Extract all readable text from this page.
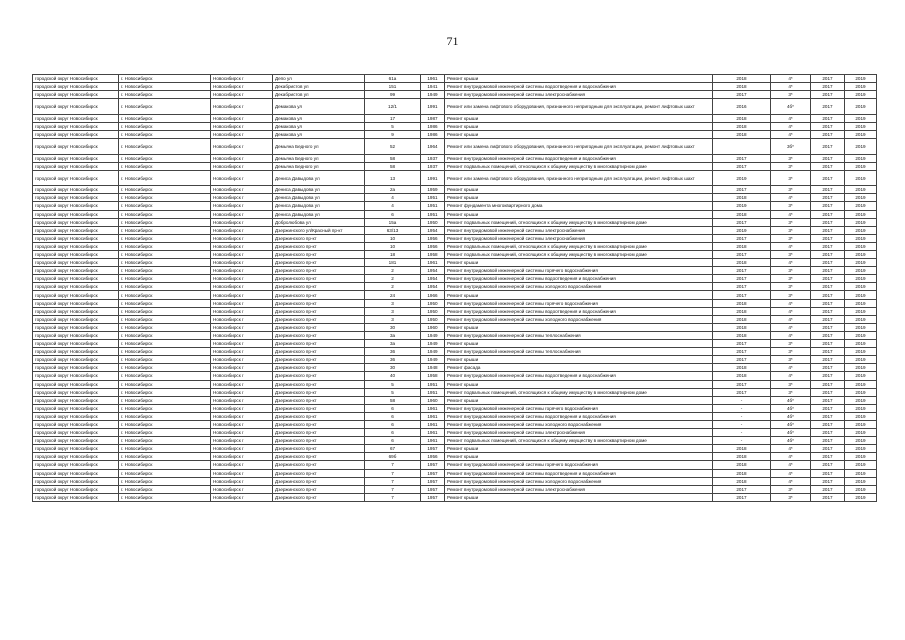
71
городской округ Новосибирск	г. Новосибирск	Новосибирск г	Депо ул	61а	1961	Ремонт крыши	2018	4*	2017	2019
городской округ Новосибирск	г. Новосибирск	Новосибирск г	Декабристов ул	151	1941	Ремонт внутридомовой инженерной системы водоотведения и водоснабжения	2018	4*	2017	2019
городской округ Новосибирск	г. Новосибирск	Новосибирск г	Декабристов ул	99	1949	Ремонт внутридомовой инженерной системы электроснабжения	2017	3*	2017	2019
городской округ Новосибирск	г. Новосибирск	Новосибирск г	Демакова ул	12/1	1991	Ремонт или замена лифтового оборудования, признанного непригодным для эксплуатации, ремонт лифтовых шахт	2016	4б*	2017	2019
городской округ Новосибирск	г. Новосибирск	Новосибирск г	Демакова ул	17	1987	Ремонт крыши	2018	4*	2017	2019
городской округ Новосибирск	г. Новосибирск	Новосибирск г	Демакова ул	5	1986	Ремонт крыши	2018	4*	2017	2019
городской округ Новосибирск	г. Новосибирск	Новосибирск г	Демакова ул	9	1986	Ремонт крыши	2018	4*	2017	2019
городской округ Новосибирск	г. Новосибирск	Новосибирск г	Демьяна Бедного ул	52	1964	Ремонт или замена лифтового оборудования, признанного непригодным для эксплуатации, ремонт лифтовых шахт		3б*	2017	2019
городской округ Новосибирск	г. Новосибирск	Новосибирск г	Демьяна Бедного ул	58	1937	Ремонт внутридомовой инженерной системы водоотведения и водоснабжения	2017	3*	2017	2019
городской округ Новосибирск	г. Новосибирск	Новосибирск г	Демьяна Бедного ул	58	1937	Ремонт подвальных помещений, относящихся к общему имуществу в многоквартирном доме	2017	3*	2017	2019
городской округ Новосибирск	г. Новосибирск	Новосибирск г	Дениса Давыдова ул	13	1991	Ремонт или замена лифтового оборудования, признанного непригодным для эксплуатации, ремонт лифтовых шахт	2019	3*	2017	2019
городской округ Новосибирск	г. Новосибирск	Новосибирск г	Дениса Давыдова ул	2а	1959	Ремонт крыши	2017	3*	2017	2019
городской округ Новосибирск	г. Новосибирск	Новосибирск г	Дениса Давыдова ул	4	1951	Ремонт крыши	2018	4*	2017	2019
городской округ Новосибирск	г. Новосибирск	Новосибирск г	Дениса Давыдова ул	4	1951	Ремонт фундамента многоквартирного дома	2019	3*	2017	2019
городской округ Новосибирск	г. Новосибирск	Новосибирск г	Дениса Давыдова ул	6	1951	Ремонт крыши	2018	4*	2017	2019
городской округ Новосибирск	г. Новосибирск	Новосибирск г	Добролюбова ул	15а	1950	Ремонт подвальных помещений, относящихся к общему имуществу в многоквартирном доме	2017	3*	2017	2019
городской округ Новосибирск	г. Новосибирск	Новосибирск г	Дзержинского ул/Красный пр-кт	63/13	1954	Ремонт внутридомовой инженерной системы электроснабжения	2019	3*	2017	2019
городской округ Новосибирск	г. Новосибирск	Новосибирск г	Дзержинского пр-кт	10	1956	Ремонт внутридомовой инженерной системы электроснабжения	2017	3*	2017	2019
городской округ Новосибирск	г. Новосибирск	Новосибирск г	Дзержинского пр-кт	10	1956	Ремонт подвальных помещений, относящихся к общему имуществу в многоквартирном доме	2018	4*	2017	2019
городской округ Новосибирск	г. Новосибирск	Новосибирск г	Дзержинского пр-кт	18	1958	Ремонт подвальных помещений, относящихся к общему имуществу в многоквартирном доме	2017	3*	2017	2019
городской округ Новосибирск	г. Новосибирск	Новосибирск г	Дзержинского пр-кт	181	1961	Ремонт крыши	2018	4*	2017	2019
городской округ Новосибирск	г. Новосибирск	Новосибирск г	Дзержинского пр-кт	2	1954	Ремонт внутридомовой инженерной системы горячего водоснабжения	2017	3*	2017	2019
городской округ Новосибирск	г. Новосибирск	Новосибирск г	Дзержинского пр-кт	2	1954	Ремонт внутридомовой инженерной системы водоотведения и водоснабжения	2017	3*	2017	2019
городской округ Новосибирск	г. Новосибирск	Новосибирск г	Дзержинского пр-кт	2	1954	Ремонт внутридомовой инженерной системы холодного водоснабжения	2017	3*	2017	2019
городской округ Новосибирск	г. Новосибирск	Новосибирск г	Дзержинского пр-кт	24	1966	Ремонт крыши	2017	3*	2017	2019
городской округ Новосибирск	г. Новосибирск	Новосибирск г	Дзержинского пр-кт	3	1950	Ремонт внутридомовой инженерной системы горячего водоснабжения	2018	4*	2017	2019
городской округ Новосибирск	г. Новосибирск	Новосибирск г	Дзержинского пр-кт	3	1950	Ремонт внутридомовой инженерной системы водоотведения и водоснабжения	2018	4*	2017	2019
городской округ Новосибирск	г. Новосибирск	Новосибирск г	Дзержинского пр-кт	3	1950	Ремонт внутридомовой инженерной системы холодного водоснабжения	2018	4*	2017	2019
городской округ Новосибирск	г. Новосибирск	Новосибирск г	Дзержинского пр-кт	30	1960	Ремонт крыши	2018	4*	2017	2019
городской округ Новосибирск	г. Новосибирск	Новосибирск г	Дзержинского пр-кт	3а	1949	Ремонт внутридомовой инженерной системы теплоснабжения	2018	4*	2017	2019
городской округ Новосибирск	г. Новосибирск	Новосибирск г	Дзержинского пр-кт	3а	1949	Ремонт крыши	2017	3*	2017	2019
городской округ Новосибирск	г. Новосибирск	Новосибирск г	Дзержинского пр-кт	36	1949	Ремонт внутридомовой инженерной системы теплоснабжения	2017	3*	2017	2019
городской округ Новосибирск	г. Новосибирск	Новосибирск г	Дзержинского пр-кт	36	1949	Ремонт крыши	2017	3*	2017	2019
городской округ Новосибирск	г. Новосибирск	Новосибирск г	Дзержинского пр-кт	30	1948	Ремонт фасада	2018	4*	2017	2019
городской округ Новосибирск	г. Новосибирск	Новосибирск г	Дзержинского пр-кт	40	1958	Ремонт внутридомовой инженерной системы водоотведения и водоснабжения	2018	4*	2017	2019
городской округ Новосибирск	г. Новосибирск	Новосибирск г	Дзержинского пр-кт	5	1951	Ремонт крыши	2017	3*	2017	2019
городской округ Новосибирск	г. Новосибирск	Новосибирск г	Дзержинского пр-кт	5	1951	Ремонт подвальных помещений, относящихся к общему имуществу в многоквартирном доме	2017	3*	2017	2019
городской округ Новосибирск	г. Новосибирск	Новосибирск г	Дзержинского пр-кт	58	1960	Ремонт крыши	-	4б*	2017	2019
городской округ Новосибирск	г. Новосибирск	Новосибирск г	Дзержинского пр-кт	6	1961	Ремонт внутридомовой инженерной системы горячего водоснабжения	-	4б*	2017	2019
городской округ Новосибирск	г. Новосибирск	Новосибирск г	Дзержинского пр-кт	6	1961	Ремонт внутридомовой инженерной системы водоотведения и водоснабжения	-	4б*	2017	2019
городской округ Новосибирск	г. Новосибирск	Новосибирск г	Дзержинского пр-кт	6	1961	Ремонт внутридомовой инженерной системы холодного водоснабжения	-	4б*	2017	2019
городской округ Новосибирск	г. Новосибирск	Новосибирск г	Дзержинского пр-кт	6	1961	Ремонт внутридомовой инженерной системы электроснабжения	-	4б*	2017	2019
городской округ Новосибирск	г. Новосибирск	Новосибирск г	Дзержинского пр-кт	6	1961	Ремонт подвальных помещений, относящихся к общему имуществу в многоквартирном доме	-	4б*	2017	2019
городской округ Новосибирск	г. Новосибирск	Новосибирск г	Дзержинского пр-кт	67	1957	Ремонт крыши	2018	4*	2017	2019
городской округ Новосибирск	г. Новосибирск	Новосибирск г	Дзержинского пр-кт	69б	1956	Ремонт крыши	2018	4*	2017	2019
городской округ Новосибирск	г. Новосибирск	Новосибирск г	Дзержинского пр-кт	7	1957	Ремонт внутридомовой инженерной системы горячего водоснабжения	2018	4*	2017	2019
городской округ Новосибирск	г. Новосибирск	Новосибирск г	Дзержинского пр-кт	7	1957	Ремонт внутридомовой инженерной системы водоотведения и водоснабжения	2018	4*	2017	2019
городской округ Новосибирск	г. Новосибирск	Новосибирск г	Дзержинского пр-кт	7	1957	Ремонт внутридомовой инженерной системы холодного водоснабжения	2018	4*	2017	2019
городской округ Новосибирск	г. Новосибирск	Новосибирск г	Дзержинского пр-кт	7	1957	Ремонт внутридомовой инженерной системы электроснабжения	2017	3*	2017	2019
городской округ Новосибирск	г. Новосибирск	Новосибирск г	Дзержинского пр-кт	7	1957	Ремонт крыши	2017	3*	2017	2019
